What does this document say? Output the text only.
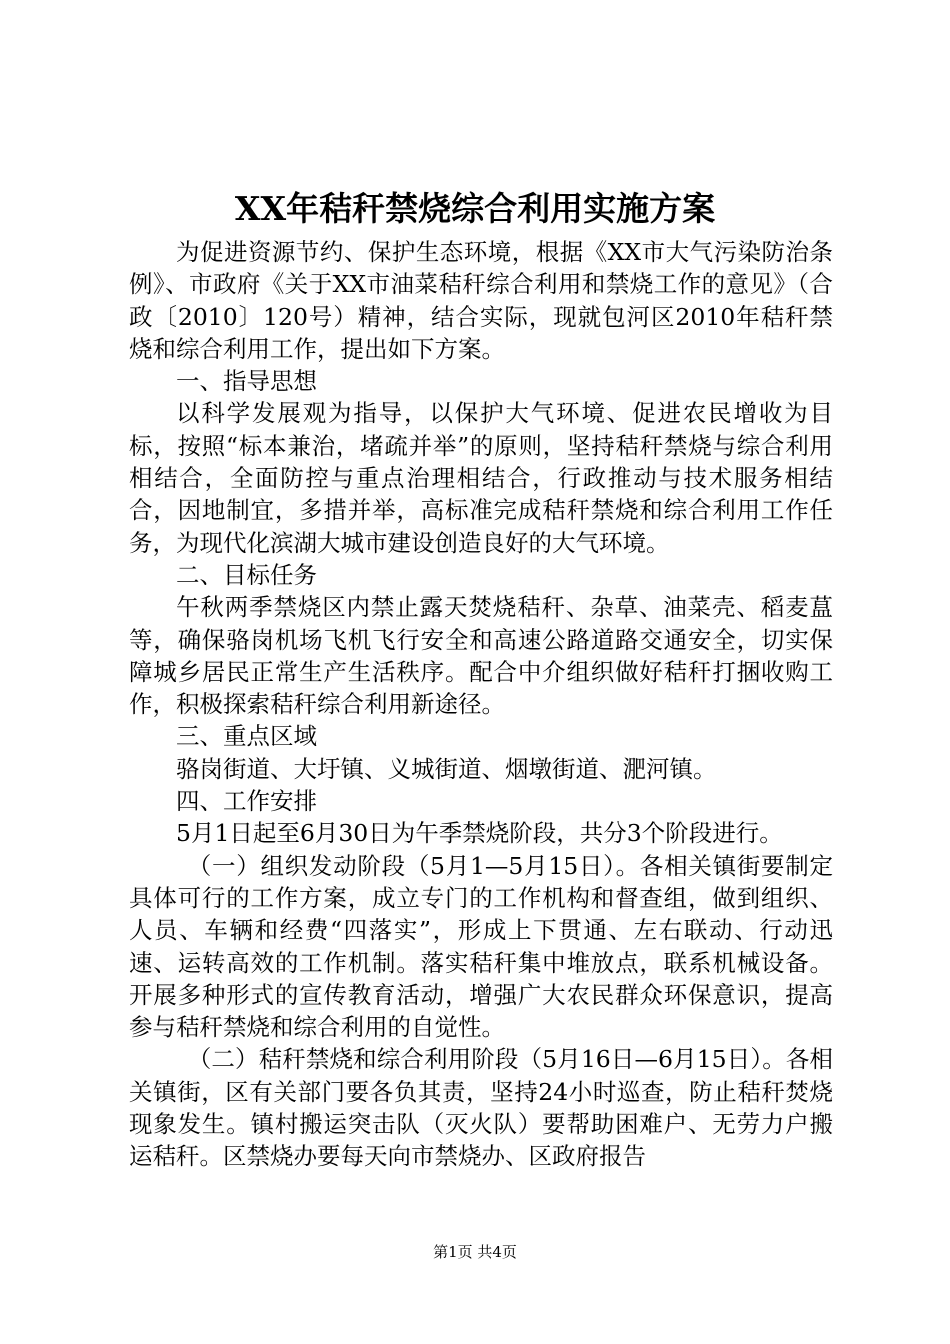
XX年秸秆禁烧综合利用实施方案

为促进资源节约、保护生态环境，根据《XX市大气污染防治条例》、市政府《关于XX市油菜秸秆综合利用和禁烧工作的意见》（合政〔2010〕120号）精神，结合实际，现就包河区2010年秸秆禁烧和综合利用工作，提出如下方案。

一、指导思想

以科学发展观为指导，以保护大气环境、促进农民增收为目标，按照“标本兼治，堵疏并举”的原则，坚持秸秆禁烧与综合利用相结合，全面防控与重点治理相结合，行政推动与技术服务相结合，因地制宜，多措并举，高标准完成秸秆禁烧和综合利用工作任务，为现代化滨湖大城市建设创造良好的大气环境。

二、目标任务

午秋两季禁烧区内禁止露天焚烧秸秆、杂草、油菜壳、稻麦蒀等，确保骆岗机场飞机飞行安全和高速公路道路交通安全，切实保障城乡居民正常生产生活秩序。配合中介组织做好秸秆打捆收购工作，积极探索秸秆综合利用新途径。

三、重点区域

骆岗街道、大圩镇、义城街道、烟墩街道、淝河镇。

四、工作安排

5月1日起至6月30日为午季禁烧阶段，共分3个阶段进行。

（一）组织发动阶段（5月1—5月15日）。各相关镇街要制定具体可行的工作方案，成立专门的工作机构和督查组，做到组织、人员、车辆和经费“四落实”，形成上下贯通、左右联动、行动迅速、运转高效的工作机制。落实秸秆集中堆放点，联系机械设备。开展多种形式的宣传教育活动，增强广大农民群众环保意识，提高参与秸秆禁烧和综合利用的自觉性。

（二）秸秆禁烧和综合利用阶段（5月16日—6月15日）。各相关镇街，区有关部门要各负其责，坚持24小时巡查，防止秸秆焚烧现象发生。镇村搬运突击队（灭火队）要帮助困难户、无劳力户搬运秸秆。区禁烧办要每天向市禁烧办、区政府报告

第1页 共4页
